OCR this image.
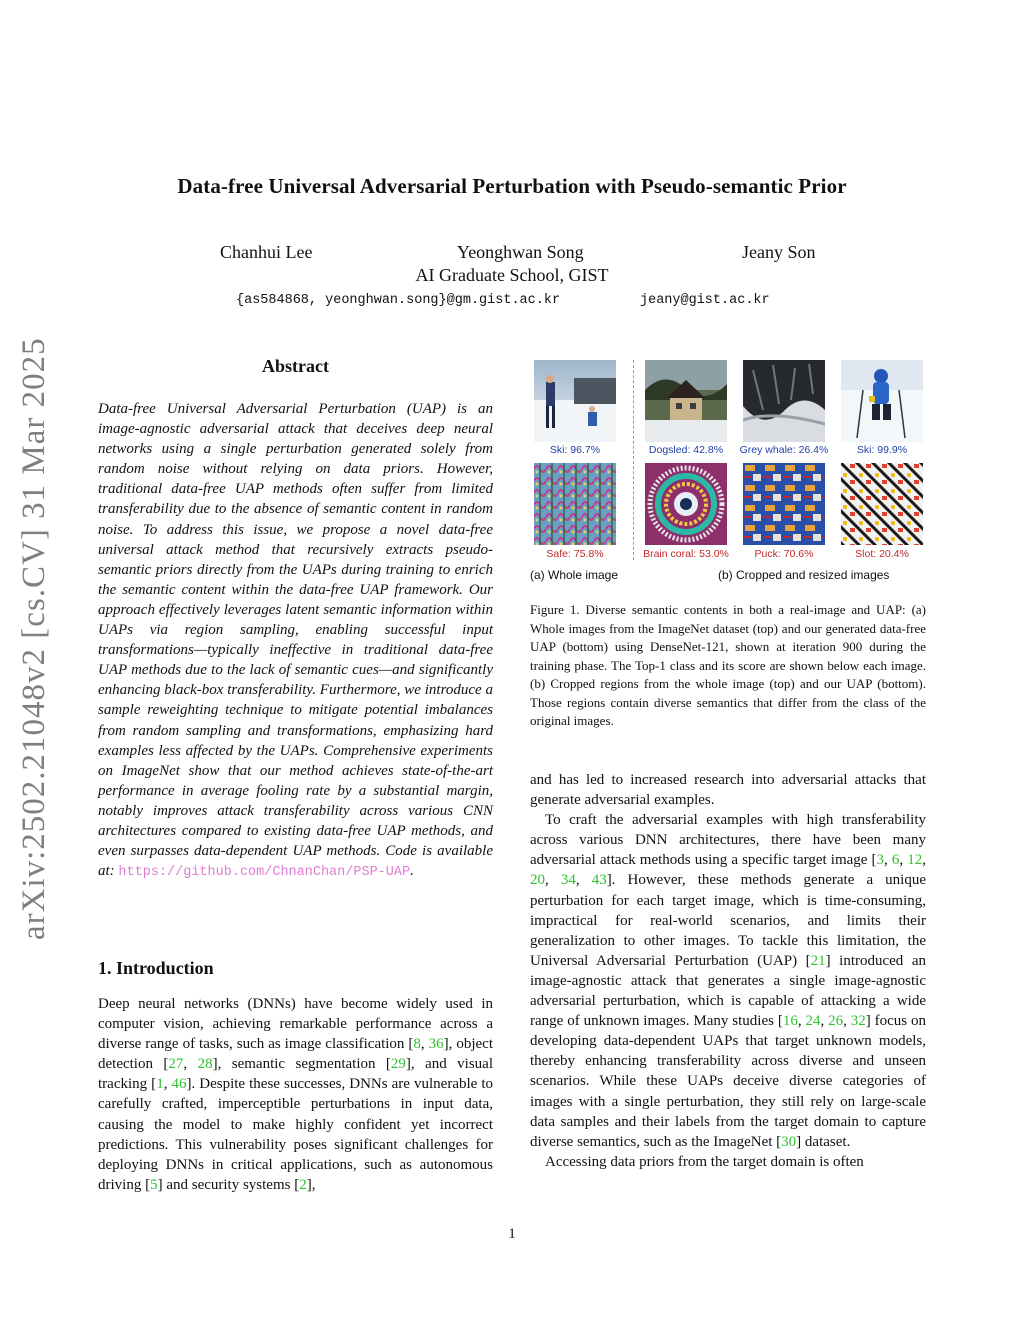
arXiv:2502.21048v2 [cs.CV] 31 Mar 2025
Data-free Universal Adversarial Perturbation with Pseudo-semantic Prior
Chanhui Lee	Yeonghwan Song	Jeany Son
AI Graduate School, GIST
{as584868, yeonghwan.song}@gm.gist.ac.kr	jeany@gist.ac.kr
Abstract
Data-free Universal Adversarial Perturbation (UAP) is an image-agnostic adversarial attack that deceives deep neural networks using a single perturbation generated solely from random noise without relying on data priors. However, traditional data-free UAP methods often suffer from limited transferability due to the absence of semantic content in random noise. To address this issue, we propose a novel data-free universal attack method that recursively extracts pseudo-semantic priors directly from the UAPs during training to enrich the semantic content within the data-free UAP framework. Our approach effectively leverages latent semantic information within UAPs via region sampling, enabling successful input transformations—typically ineffective in traditional data-free UAP methods due to the lack of semantic cues—and significantly enhancing black-box transferability. Furthermore, we introduce a sample reweighting technique to mitigate potential imbalances from random sampling and transformations, emphasizing hard examples less affected by the UAPs. Comprehensive experiments on ImageNet show that our method achieves state-of-the-art performance in average fooling rate by a substantial margin, notably improves attack transferability across various CNN architectures compared to existing data-free UAP methods, and even surpasses data-dependent UAP methods. Code is available at: https://github.com/ChnanChan/PSP-UAP.
1. Introduction
Deep neural networks (DNNs) have become widely used in computer vision, achieving remarkable performance across a diverse range of tasks, such as image classification [8, 36], object detection [27, 28], semantic segmentation [29], and visual tracking [1, 46]. Despite these successes, DNNs are vulnerable to carefully crafted, imperceptible perturbations in input data, causing the model to make highly confident yet incorrect predictions. This vulnerability poses significant challenges for deploying DNNs in critical applications, such as autonomous driving [5] and security systems [2],
Ski: 96.7%	Dogsled: 42.8%	Grey whale: 26.4%	Ski: 99.9%
Safe: 75.8%	Brain coral: 53.0%	Puck: 70.6%	Slot: 20.4%
(a) Whole image	(b) Cropped and resized images
Figure 1. Diverse semantic contents in both a real-image and UAP: (a) Whole images from the ImageNet dataset (top) and our generated data-free UAP (bottom) using DenseNet-121, shown at iteration 900 during the training phase. The Top-1 class and its score are shown below each image. (b) Cropped regions from the whole image (top) and our UAP (bottom). Those regions contain diverse semantics that differ from the class of the original images.

and has led to increased research into adversarial attacks that generate adversarial examples.

To craft the adversarial examples with high transferability across various DNN architectures, there have been many adversarial attack methods using a specific target image [3, 6, 12, 20, 34, 43]. However, these methods generate a unique perturbation for each target image, which is time-consuming, impractical for real-world scenarios, and limits their generalization to other images. To tackle this limitation, the Universal Adversarial Perturbation (UAP) [21] introduced an image-agnostic attack that generates a single image-agnostic adversarial perturbation, which is capable of attacking a wide range of unknown images. Many studies [16, 24, 26, 32] focus on developing data-dependent UAPs that target unknown models, thereby enhancing transferability across diverse and unseen scenarios. While these UAPs deceive diverse categories of images with a single perturbation, they still rely on large-scale data samples and their labels from the target domain to capture diverse semantics, such as the ImageNet [30] dataset.

Accessing data priors from the target domain is often

1
